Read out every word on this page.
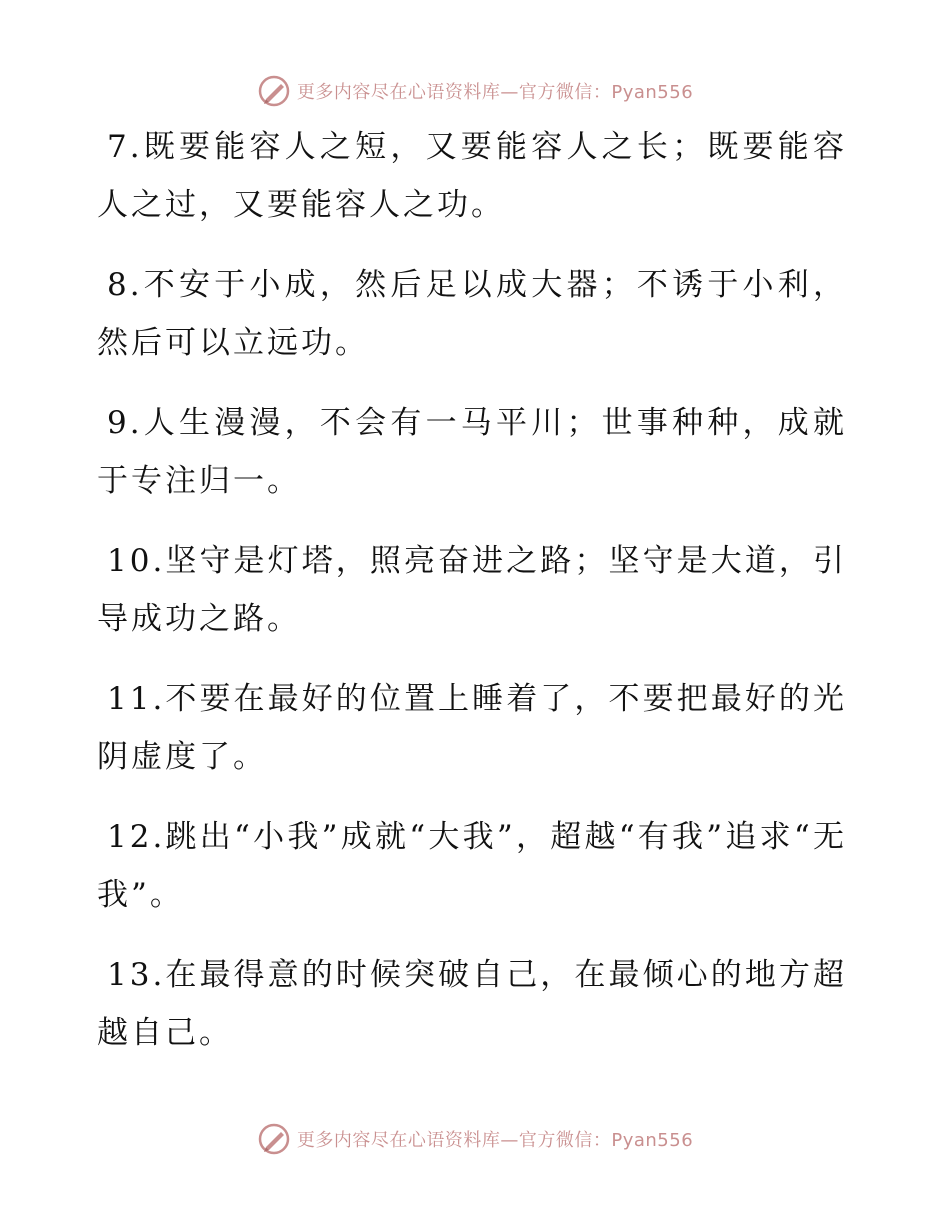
更多内容尽在心语资料库—官方微信：Pyan556

7.既要能容人之短，又要能容人之长；既要能容人之过，又要能容人之功。

8.不安于小成，然后足以成大器；不诱于小利，然后可以立远功。

9.人生漫漫，不会有一马平川；世事种种，成就于专注归一。

10.坚守是灯塔，照亮奋进之路；坚守是大道，引导成功之路。

11.不要在最好的位置上睡着了，不要把最好的光阴虚度了。

12.跳出“小我”成就“大我”，超越“有我”追求“无我”。

13.在最得意的时候突破自己，在最倾心的地方超越自己。

更多内容尽在心语资料库—官方微信：Pyan556
